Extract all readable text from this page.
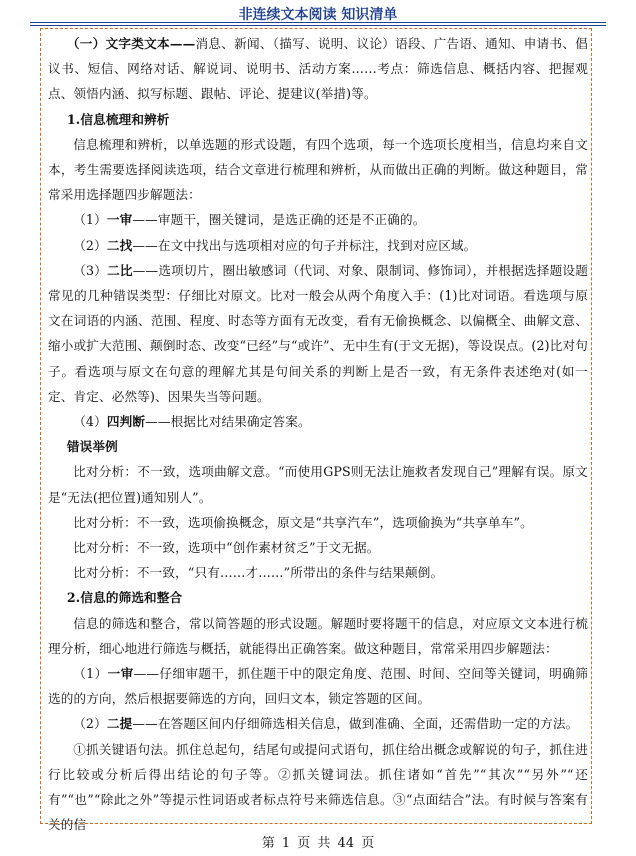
非连续文本阅读 知识清单

（一）文字类文本——消息、新闻、（描写、说明、议论）语段、广告语、通知、申请书、倡议书、短信、网络对话、解说词、说明书、活动方案……考点：筛选信息、概括内容、把握观点、领悟内涵、拟写标题、跟帖、评论、提建议(举措)等。

1.信息梳理和辨析

信息梳理和辨析，以单选题的形式设题，有四个选项，每一个选项长度相当，信息均来自文本，考生需要选择阅读选项，结合文章进行梳理和辨析，从而做出正确的判断。做这种题目，常常采用选择题四步解题法：

（1）一审——审题干，圈关键词，是选正确的还是不正确的。

（2）二找——在文中找出与选项相对应的句子并标注，找到对应区域。

（3）二比——选项切片，圈出敏感词（代词、对象、限制词、修饰词），并根据选择题设题常见的几种错误类型：仔细比对原文。比对一般会从两个角度入手：(1)比对词语。看选项与原文在词语的内涵、范围、程度、时态等方面有无改变，看有无偷换概念、以偏概全、曲解文意、缩小或扩大范围、颠倒时态、改变“已经”与“或许”、无中生有(于文无据)，等设误点。(2)比对句子。看选项与原文在句意的理解尤其是句间关系的判断上是否一致，有无条件表述绝对(如一定、肯定、必然等)、因果失当等问题。

（4）四判断——根据比对结果确定答案。

错误举例

比对分析：不一致，选项曲解文意。“而使用GPS则无法让施救者发现自己”理解有误。原文是“无法(把位置)通知别人”。

比对分析：不一致，选项偷换概念，原文是“共享汽车”，选项偷换为“共享单车”。

比对分析：不一致，选项中“创作素材贫乏”于文无据。

比对分析：不一致，“只有……才……”所带出的条件与结果颠倒。

2.信息的筛选和整合

信息的筛选和整合，常以简答题的形式设题。解题时要将题干的信息，对应原文文本进行梳理分析，细心地进行筛选与概括，就能得出正确答案。做这种题目，常常采用四步解题法：

（1）一审——仔细审题干，抓住题干中的限定角度、范围、时间、空间等关键词，明确筛选的的方向，然后根据要筛选的方向，回归文本，锁定答题的区间。

（2）二提——在答题区间内仔细筛选相关信息，做到准确、全面，还需借助一定的方法。

①抓关键语句法。抓住总起句，结尾句或提问式语句，抓住给出概念或解说的句子，抓住进行比较或分析后得出结论的句子等。②抓关键词法。抓住诸如“首先”“其次”“另外”“还有”“也”“除此之外”等提示性词语或者标点符号来筛选信息。③“点面结合”法。有时候与答案有关的信

第 1 页 共 44 页
